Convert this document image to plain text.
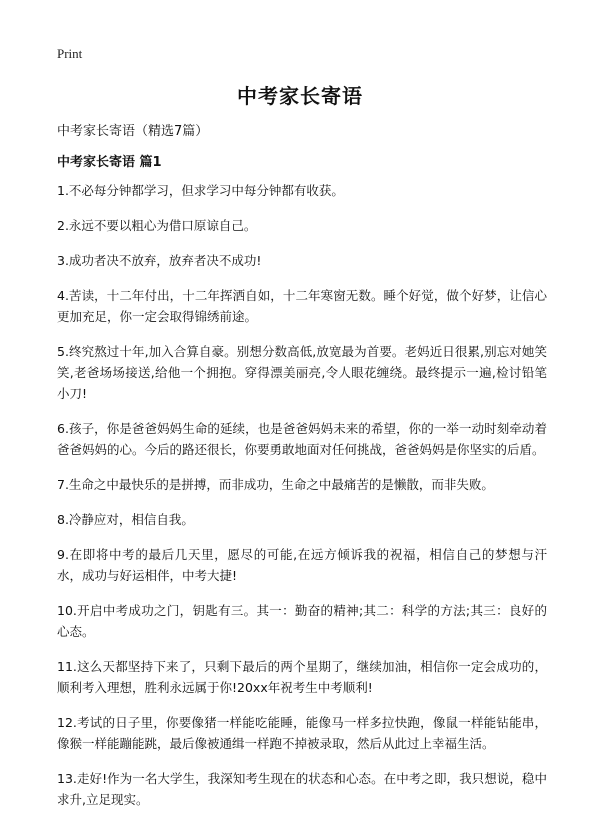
Print
中考家长寄语
中考家长寄语（精选7篇）
中考家长寄语 篇1

1.不必每分钟都学习，但求学习中每分钟都有收获。

2.永远不要以粗心为借口原谅自己。

3.成功者决不放弃，放弃者决不成功!

4.苦读，十二年付出，十二年挥洒自如，十二年寒窗无数。睡个好觉，做个好梦，让信心更加充足，你一定会取得锦绣前途。

5.终究熬过十年,加入合算自豪。别想分数高低,放宽最为首要。老妈近日很累,别忘对她笑笑,老爸场场接送,给他一个拥抱。穿得漂美丽亮,令人眼花缠绕。最终提示一遍,检讨铅笔小刀!

6.孩子，你是爸爸妈妈生命的延续，也是爸爸妈妈未来的希望，你的一举一动时刻牵动着爸爸妈妈的心。今后的路还很长，你要勇敢地面对任何挑战，爸爸妈妈是你坚实的后盾。

7.生命之中最快乐的是拼搏，而非成功，生命之中最痛苦的是懒散，而非失败。

8.冷静应对，相信自我。

9.在即将中考的最后几天里，愿尽的可能,在远方倾诉我的祝福，相信自己的梦想与汗水，成功与好运相伴，中考大捷!

10.开启中考成功之门，钥匙有三。其一：勤奋的精神;其二：科学的方法;其三：良好的心态。

11.这么天都坚持下来了，只剩下最后的两个星期了，继续加油，相信你一定会成功的，顺利考入理想，胜利永远属于你!20xx年祝考生中考顺利!

12.考试的日子里，你要像猪一样能吃能睡，能像马一样多拉快跑，像鼠一样能钻能串，像猴一样能蹦能跳，最后像被通缉一样跑不掉被录取，然后从此过上幸福生活。

13.走好!作为一名大学生，我深知考生现在的状态和心态。在中考之即，我只想说，稳中求升,立足现实。
